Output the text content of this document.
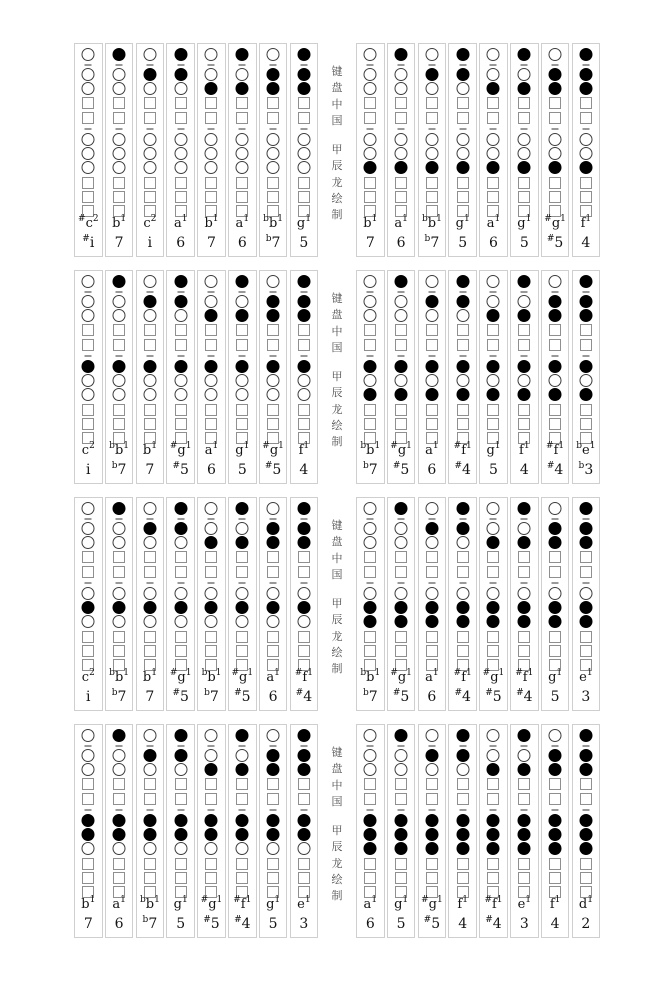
$^{\#}c^2$
#i
$b^1$
7
$c^2$
i
$a^1$
6
$b^1$
7
$a^1$
6
$^bb^1$
$^b$7
$g^1$
5
键
盘
中
国
甲
辰
龙
绘
制
$b^1$
7
$a^1$
6
$^bb^1$
$^b$7
$g^1$
5
$a^1$
6
$g^1$
5
$^{\#}g^1$
#5
$f^1$
4
$c^2$
i
$^bb^1$
$^b$7
$b^1$
7
$^{\#}g^1$
#5
$a^1$
6
$g^1$
5
$^{\#}g^1$
#5
$f^1$
4
键
盘
中
国
甲
辰
龙
绘
制	$^bb^1$
$^b$7
$^{\#}g^1$
#5
$a^1$
6
$^{\#}f^1$
#4
$g^1$
5
$f^1$
4
$^{\#}f^1$
#4
$^be^1$
$^b$3
$c^2$
i
$^bb^1$
$^b$7
$b^1$
7
$^{\#}g^1$
#5
$^bb^1$
$^b$7
$^{\#}g^1$
#5
$a^1$
6
$^{\#}f^1$
#4
键
盘
中
国
甲
辰
龙
绘
制	$^bb^1$
$^b$7
$^{\#}g^1$
#5
$a^1$
6
$^{\#}f^1$
#4
$^{\#}g^1$
#5
$^{\#}f^1$
#4
$g^1$
5
$e^1$
3
$b^1$
7
$a^1$
6
$^bb^1$
$^b$7
$g^1$
5
$^{\#}g^1$
#5
$^{\#}f^1$
#4
$g^1$
5
$e^1$
3
键
盘
中
国
甲
辰
龙
绘
制
$a^1$
6
$g^1$
5
$^{\#}g^1$
#5
$f^1$
4
$^{\#}f^1$
#4
$e^1$
3
$f^1$
4
$d^1$
2
